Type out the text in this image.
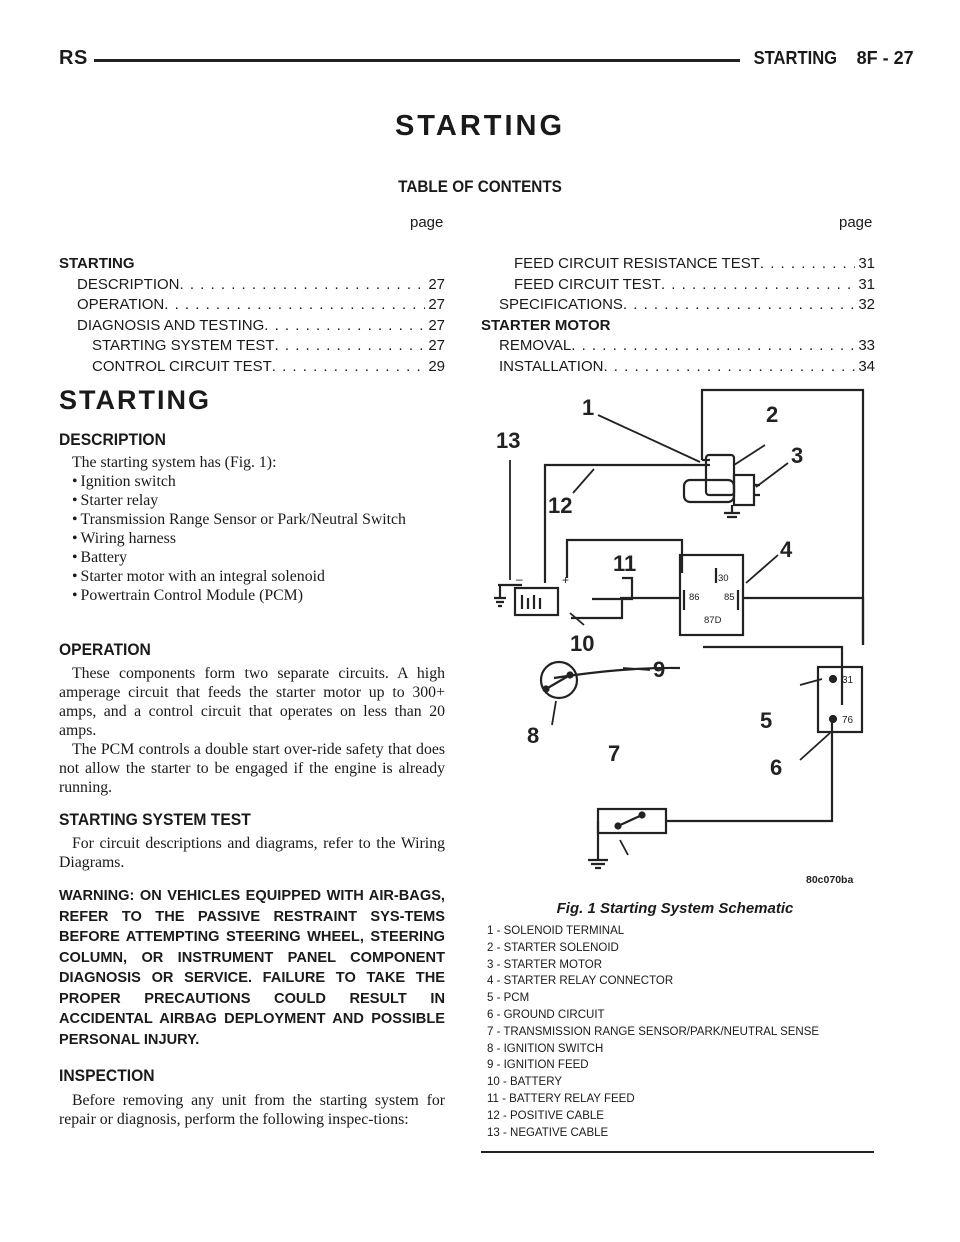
RS	STARTING 8F - 27
STARTING
TABLE OF CONTENTS
page	page
STARTING
DESCRIPTION . . .	27
OPERATION . . .	27
DIAGNOSIS AND TESTING . . .	27
STARTING SYSTEM TEST . . .	27
CONTROL CIRCUIT TEST . . .	29
FEED CIRCUIT RESISTANCE TEST . . .	31
FEED CIRCUIT TEST . . .	31
SPECIFICATIONS . . .	32
STARTER MOTOR
REMOVAL . . .	33
INSTALLATION . . .	34
STARTING
DESCRIPTION

The starting system has (Fig. 1):

• Ignition switch
• Starter relay
• Transmission Range Sensor or Park/Neutral Switch
• Wiring harness
• Battery
• Starter motor with an integral solenoid
• Powertrain Control Module (PCM)
OPERATION

These components form two separate circuits. A high amperage circuit that feeds the starter motor up to 300+ amps, and a control circuit that operates on less than 20 amps.

The PCM controls a double start over-ride safety that does not allow the starter to be engaged if the engine is already running.

STARTING SYSTEM TEST

For circuit descriptions and diagrams, refer to the Wiring Diagrams.

WARNING: ON VEHICLES EQUIPPED WITH AIR-BAGS, REFER TO THE PASSIVE RESTRAINT SYS-TEMS BEFORE ATTEMPTING STEERING WHEEL, STEERING COLUMN, OR INSTRUMENT PANEL COMPONENT DIAGNOSIS OR SERVICE. FAILURE TO TAKE THE PROPER PRECAUTIONS COULD RESULT IN ACCIDENTAL AIRBAG DEPLOYMENT AND POSSIBLE PERSONAL INJURY.
INSPECTION

Before removing any unit from the starting system for repair or diagnosis, perform the following inspec-tions:

30
86	85
87D
–	+
31
76
1	2
3
4
5
6
7
8
9
10
11
12
13
80c070ba
Fig. 1 Starting System Schematic
1 - SOLENOID TERMINAL
2 - STARTER SOLENOID
3 - STARTER MOTOR
4 - STARTER RELAY CONNECTOR
5 - PCM
6 - GROUND CIRCUIT
7 - TRANSMISSION RANGE SENSOR/PARK/NEUTRAL SENSE
8 - IGNITION SWITCH
9 - IGNITION FEED
10 - BATTERY
11 - BATTERY RELAY FEED
12 - POSITIVE CABLE
13 - NEGATIVE CABLE
